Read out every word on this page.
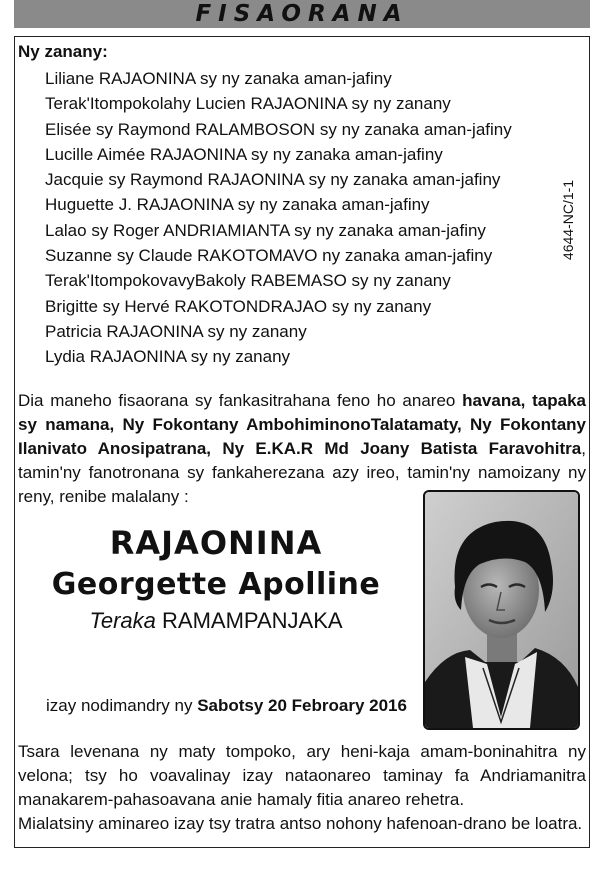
FISAORANA
Ny zanany:
Liliane RAJAONINA sy ny zanaka aman-jafiny
Terak'Itompokolahy Lucien RAJAONINA sy ny zanany
Elisée sy Raymond RALAMBOSON sy ny zanaka aman-jafiny
Lucille Aimée RAJAONINA sy ny zanaka aman-jafiny
Jacquie sy Raymond RAJAONINA sy ny zanaka aman-jafiny
Huguette J. RAJAONINA sy ny zanaka aman-jafiny
Lalao sy Roger ANDRIAMIANTA sy ny zanaka aman-jafiny
Suzanne sy Claude RAKOTOMAVO ny zanaka aman-jafiny
Terak'ItompokovavyBakoly RABEMASO sy ny zanany
Brigitte sy Hervé RAKOTONDRAJAO sy ny zanany
Patricia RAJAONINA sy ny zanany
Lydia RAJAONINA sy ny zanany
4644-NC/1-1

Dia maneho fisaorana sy fankasitrahana feno ho anareo havana, tapaka sy namana, Ny Fokontany AmbohiminonoTalatamaty, Ny Fokontany Ilanivato Anosipatrana, Ny E.KA.R Md Joany Batista Faravohitra, tamin'ny fanotronana sy fankaherezana azy ireo, tamin'ny namoizany ny reny, renibe malalany :

RAJAONINA
Georgette Apolline
Teraka RAMAMPANJAKA
izay nodimandry ny Sabotsy 20 Febroary 2016

Tsara levenana ny maty tompoko, ary heni-kaja amam-boninahitra ny velona; tsy ho voavalinay izay nataonareo taminay fa Andriamanitra manakarem-pahasoavana anie hamaly fitia anareo rehetra.
Mialatsiny aminareo izay tsy tratra antso nohony hafenoan-drano be loatra.
